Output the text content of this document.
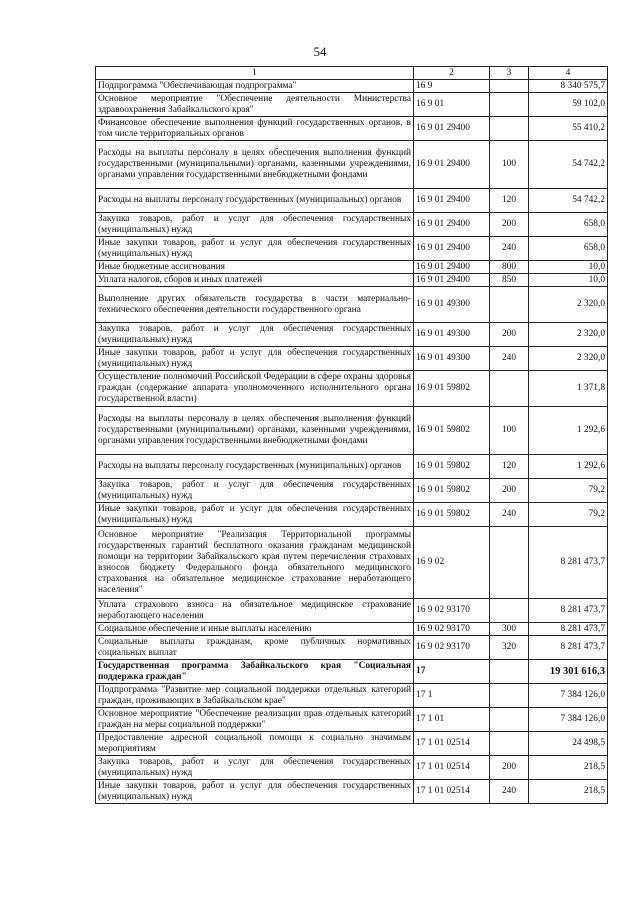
54
1	2	3	4
Подпрограмма "Обеспечивающая подпрограмма"	16 9		8 340 575,7
Основное мероприятие "Обеспечение деятельности Министерства здравоохранения Забайкальского края"	16 9 01		59 102,0
Финансовое обеспечение выполнения функций государственных органов, в том числе территориальных органов	16 9 01 29400		55 410,2
Расходы на выплаты персоналу в целях обеспечения выполнения функций государственными (муниципальными) органами, казенными учреждениями, органами управления государственными внебюджетными фондами	16 9 01 29400	100	54 742,2
Расходы на выплаты персоналу государственных (муниципальных) органов	16 9 01 29400	120	54 742,2
Закупка товаров, работ и услуг для обеспечения государственных (муниципальных) нужд	16 9 01 29400	200	658,0
Иные закупки товаров, работ и услуг для обеспечения государственных (муниципальных) нужд	16 9 01 29400	240	658,0
Иные бюджетные ассигнования	16 9 01 29400	800	10,0
Уплата налогов, сборов и иных платежей	16 9 01 29400	850	10,0
Выполнение других обязательств государства в части материально-технического обеспечения деятельности государственного органа	16 9 01 49300		2 320,0
Закупка товаров, работ и услуг для обеспечения государственных (муниципальных) нужд	16 9 01 49300	200	2 320,0
Иные закупки товаров, работ и услуг для обеспечения государственных (муниципальных) нужд	16 9 01 49300	240	2 320,0
Осуществление полномочий Российской Федерации в сфере охраны здоровья граждан (содержание аппарата уполномоченного исполнительного органа государственной власти)	16 9 01 59802		1 371,8
Расходы на выплаты персоналу в целях обеспечения выполнения функций государственными (муниципальными) органами, казенными учреждениями, органами управления государственными внебюджетными фондами	16 9 01 59802	100	1 292,6
Расходы на выплаты персоналу государственных (муниципальных) органов	16 9 01 59802	120	1 292,6
Закупка товаров, работ и услуг для обеспечения государственных (муниципальных) нужд	16 9 01 59802	200	79,2
Иные закупки товаров, работ и услуг для обеспечения государственных (муниципальных) нужд	16 9 01 59802	240	79,2
Основное мероприятие "Реализация Территориальной программы государственных гарантий бесплатного оказания гражданам медицинской помощи на территории Забайкальского края путем перечисления страховых взносов бюджету Федерального фонда обязательного медицинского страхования на обязательное медицинское страхование неработающего населения"	16 9 02		8 281 473,7
Уплата страхового взноса на обязательное медицинское страхование неработающего населения	16 9 02 93170		8 281 473,7
Социальное обеспечение и иные выплаты населению	16 9 02 93170	300	8 281 473,7
Социальные выплаты гражданам, кроме публичных нормативных социальных выплат	16 9 02 93170	320	8 281 473,7
Государственная программа Забайкальского края "Социальная поддержка граждан"	17		19 301 616,3
Подпрограмма "Развитие мер социальной поддержки отдельных категорий граждан, проживающих в Забайкальском крае"	17 1		7 384 126,0
Основное мероприятие "Обеспечение реализации прав отдельных категорий граждан на меры социальной поддержки"	17 1 01		7 384 126,0
Предоставление адресной социальной помощи к социально значимым мероприятиям	17 1 01 02514		24 498,5
Закупка товаров, работ и услуг для обеспечения государственных (муниципальных) нужд	17 1 01 02514	200	218,5
Иные закупки товаров, работ и услуг для обеспечения государственных (муниципальных) нужд	17 1 01 02514	240	218,5
